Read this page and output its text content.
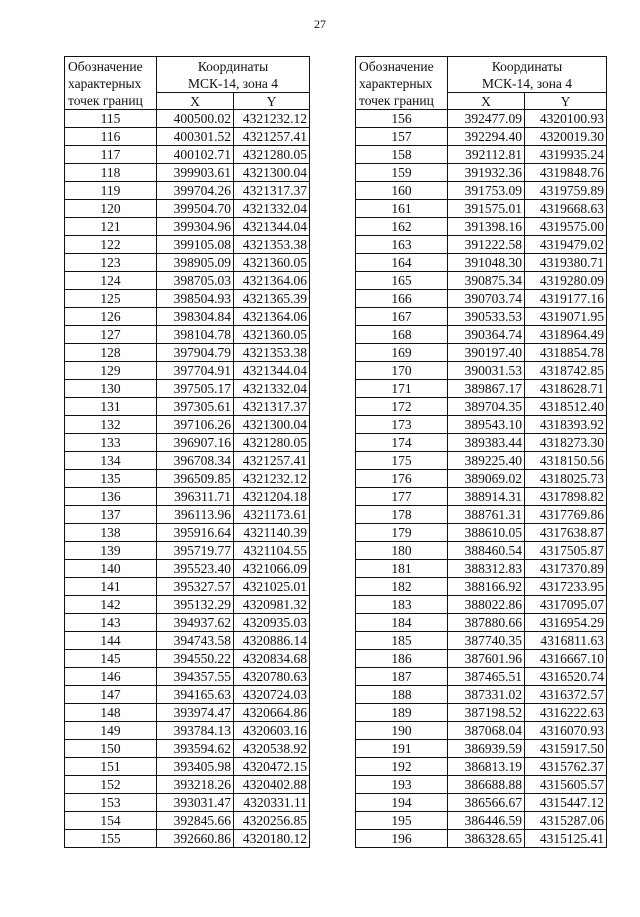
27
Обозначение
характерных
точек границ	Координаты
МСК-14, зона 4	

	X	Y
115	400500.02	4321232.12
116	400301.52	4321257.41
117	400102.71	4321280.05
118	399903.61	4321300.04
119	399704.26	4321317.37
120	399504.70	4321332.04
121	399304.96	4321344.04
122	399105.08	4321353.38
123	398905.09	4321360.05
124	398705.03	4321364.06
125	398504.93	4321365.39
126	398304.84	4321364.06
127	398104.78	4321360.05
128	397904.79	4321353.38
129	397704.91	4321344.04
130	397505.17	4321332.04
131	397305.61	4321317.37
132	397106.26	4321300.04
133	396907.16	4321280.05
134	396708.34	4321257.41
135	396509.85	4321232.12
136	396311.71	4321204.18
137	396113.96	4321173.61
138	395916.64	4321140.39
139	395719.77	4321104.55
140	395523.40	4321066.09
141	395327.57	4321025.01
142	395132.29	4320981.32
143	394937.62	4320935.03
144	394743.58	4320886.14
145	394550.22	4320834.68
146	394357.55	4320780.63
147	394165.63	4320724.03
148	393974.47	4320664.86
149	393784.13	4320603.16
150	393594.62	4320538.92
151	393405.98	4320472.15
152	393218.26	4320402.88
153	393031.47	4320331.11
154	392845.66	4320256.85
155	392660.86	4320180.12
Обозначение
характерных
точек границ	Координаты
МСК-14, зона 4	

	X	Y
156	392477.09	4320100.93
157	392294.40	4320019.30
158	392112.81	4319935.24
159	391932.36	4319848.76
160	391753.09	4319759.89
161	391575.01	4319668.63
162	391398.16	4319575.00
163	391222.58	4319479.02
164	391048.30	4319380.71
165	390875.34	4319280.09
166	390703.74	4319177.16
167	390533.53	4319071.95
168	390364.74	4318964.49
169	390197.40	4318854.78
170	390031.53	4318742.85
171	389867.17	4318628.71
172	389704.35	4318512.40
173	389543.10	4318393.92
174	389383.44	4318273.30
175	389225.40	4318150.56
176	389069.02	4318025.73
177	388914.31	4317898.82
178	388761.31	4317769.86
179	388610.05	4317638.87
180	388460.54	4317505.87
181	388312.83	4317370.89
182	388166.92	4317233.95
183	388022.86	4317095.07
184	387880.66	4316954.29
185	387740.35	4316811.63
186	387601.96	4316667.10
187	387465.51	4316520.74
188	387331.02	4316372.57
189	387198.52	4316222.63
190	387068.04	4316070.93
191	386939.59	4315917.50
192	386813.19	4315762.37
193	386688.88	4315605.57
194	386566.67	4315447.12
195	386446.59	4315287.06
196	386328.65	4315125.41
